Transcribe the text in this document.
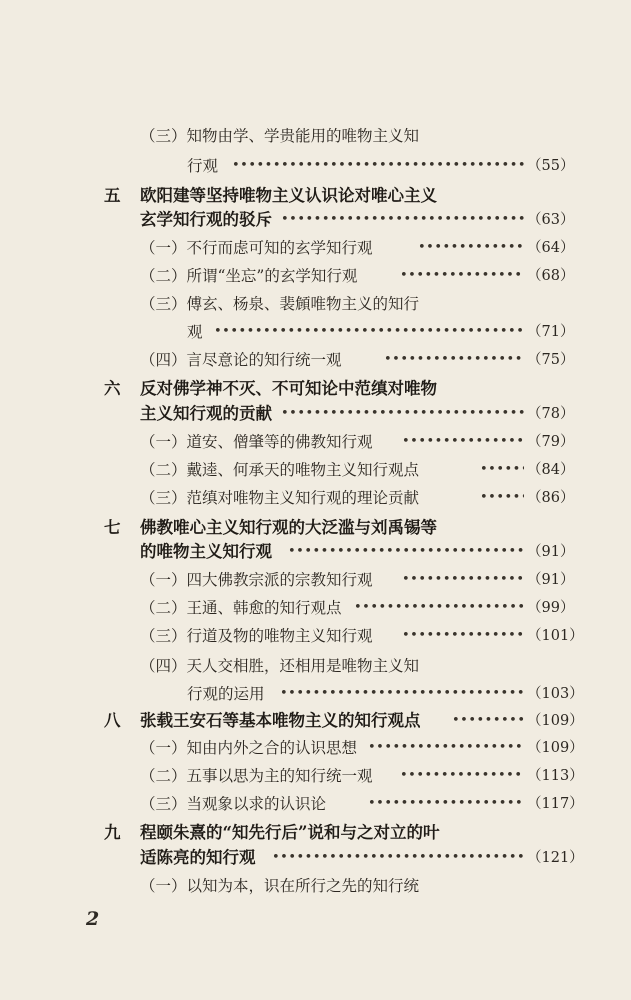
（三）知物由学、学贵能用的唯物主义知
行观 •••••	（55）
五 欧阳建等坚持唯物主义认识论对唯心主义
玄学知行观的驳斥 •••••	（63）
（一）不行而虑可知的玄学知行观 •••••	（64）
（二）所谓“坐忘”的玄学知行观 •••••	（68）
（三）傅玄、杨泉、裴頠唯物主义的知行
观 •••••	（71）
（四）言尽意论的知行统一观 •••••	（75）
六 反对佛学神不灭、不可知论中范缜对唯物
主义知行观的贡献 •••••	（78）
（一）道安、僧肇等的佛教知行观 •••••	（79）
（二）戴逵、何承天的唯物主义知行观点 •••••	（84）
（三）范缜对唯物主义知行观的理论贡献 •••••	（86）
七 佛教唯心主义知行观的大泛滥与刘禹锡等
的唯物主义知行观 •••••	（91）
（一）四大佛教宗派的宗教知行观 •••••	（91）
（二）王通、韩愈的知行观点 •••••	（99）
（三）行道及物的唯物主义知行观 •••••	（101）
（四）天人交相胜，还相用是唯物主义知
行观的运用 •••••	（103）
八 张载王安石等基本唯物主义的知行观点 •••••	（109）
（一）知由内外之合的认识思想 •••••	（109）
（二）五事以思为主的知行统一观 •••••	（113）
（三）当观象以求的认识论 •••••	（117）
九 程颐朱熹的“知先行后”说和与之对立的叶
适陈亮的知行观 •••••	（121）
（一）以知为本，识在所行之先的知行统
2
